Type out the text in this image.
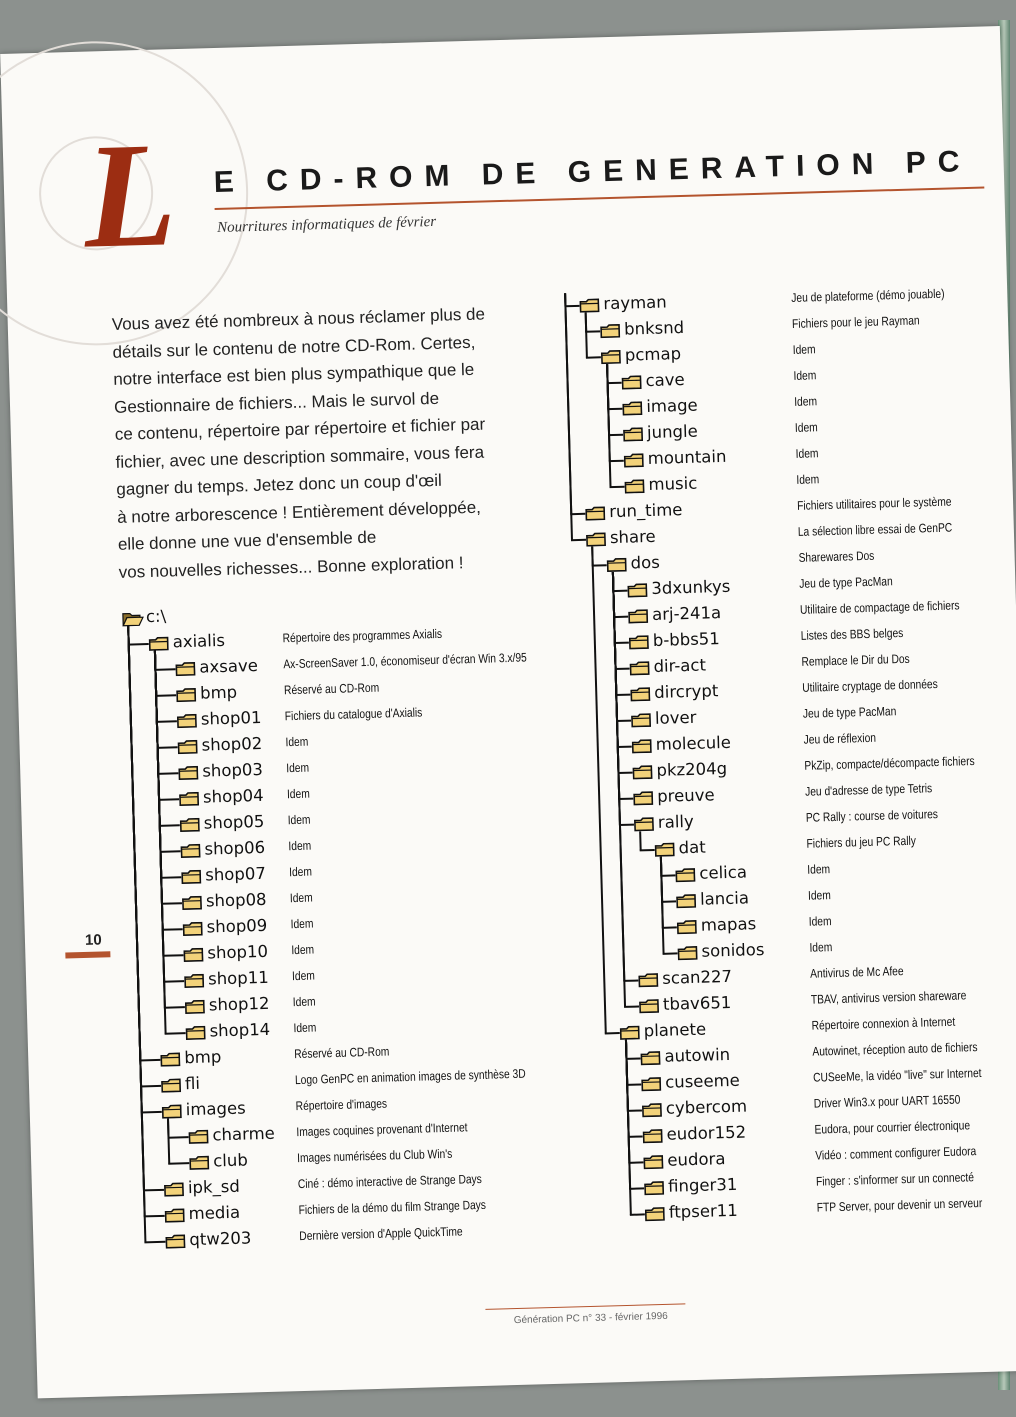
L E CD-ROM DE GENERATION PC
Nourritures informatiques de février

Vous avez été nombreux à nous réclamer plus de

détails sur le contenu de notre CD-Rom. Certes,

notre interface est bien plus sympathique que le

Gestionnaire de fichiers... Mais le survol de

ce contenu, répertoire par répertoire et fichier par

fichier, avec une description sommaire, vous fera

gagner du temps. Jetez donc un coup d'œil

à notre arborescence ! Entièrement développée,

elle donne une vue d'ensemble de

vos nouvelles richesses... Bonne exploration !

c:\
axialis	Répertoire des programmes Axialis
axsave Ax-ScreenSaver 1.0, économiseur d'écran Win 3.x/95
bmp	Réservé au CD-Rom
shop01 Fichiers du catalogue d'Axialis
shop02 Idem
shop03 Idem
shop04 Idem
shop05 Idem
shop06 Idem
shop07 Idem
shop08 Idem
shop09 Idem
shop10 Idem
shop11 Idem
shop12 Idem
shop14 Idem
bmp	Réservé au CD-Rom
fli	Logo GenPC en animation images de synthèse 3D
images	Répertoire d'images
charme Images coquines provenant d'Internet
club	Images numérisées du Club Win's
ipk_sd	Ciné : démo interactive de Strange Days
media	Fichiers de la démo du film Strange Days
qtw203	Dernière version d'Apple QuickTime
rayman	Jeu de plateforme (démo jouable)
bnksnd	Fichiers pour le jeu Rayman
pcmap	Idem
cave	Idem
image	Idem
jungle	Idem
mountain	Idem
music	Idem
run_time	Fichiers utilitaires pour le système
share	La sélection libre essai de GenPC
dos	Sharewares Dos
3dxunkys	Jeu de type PacMan
arj-241a	Utilitaire de compactage de fichiers
b-bbs51	Listes des BBS belges
dir-act	Remplace le Dir du Dos
dircrypt	Utilitaire cryptage de données
lover	Jeu de type PacMan
molecule	Jeu de réflexion
pkz204g	PkZip, compacte/décompacte fichiers
preuve	Jeu d'adresse de type Tetris
rally	PC Rally : course de voitures
dat	Fichiers du jeu PC Rally
celica	Idem
lancia	Idem
mapas	Idem
sonidos	Idem
scan227	Antivirus de Mc Afee
tbav651	TBAV, antivirus version shareware
planete	Répertoire connexion à Internet
autowin	Autowinet, réception auto de fichiers
cuseeme	CUSeeMe, la vidéo "live" sur Internet
cybercom	Driver Win3.x pour UART 16550
eudor152	Eudora, pour courrier électronique
eudora	Vidéo : comment configurer Eudora
finger31	Finger : s'informer sur un connecté
ftpser11	FTP Server, pour devenir un serveur
10
Génération PC n° 33 - février 1996
